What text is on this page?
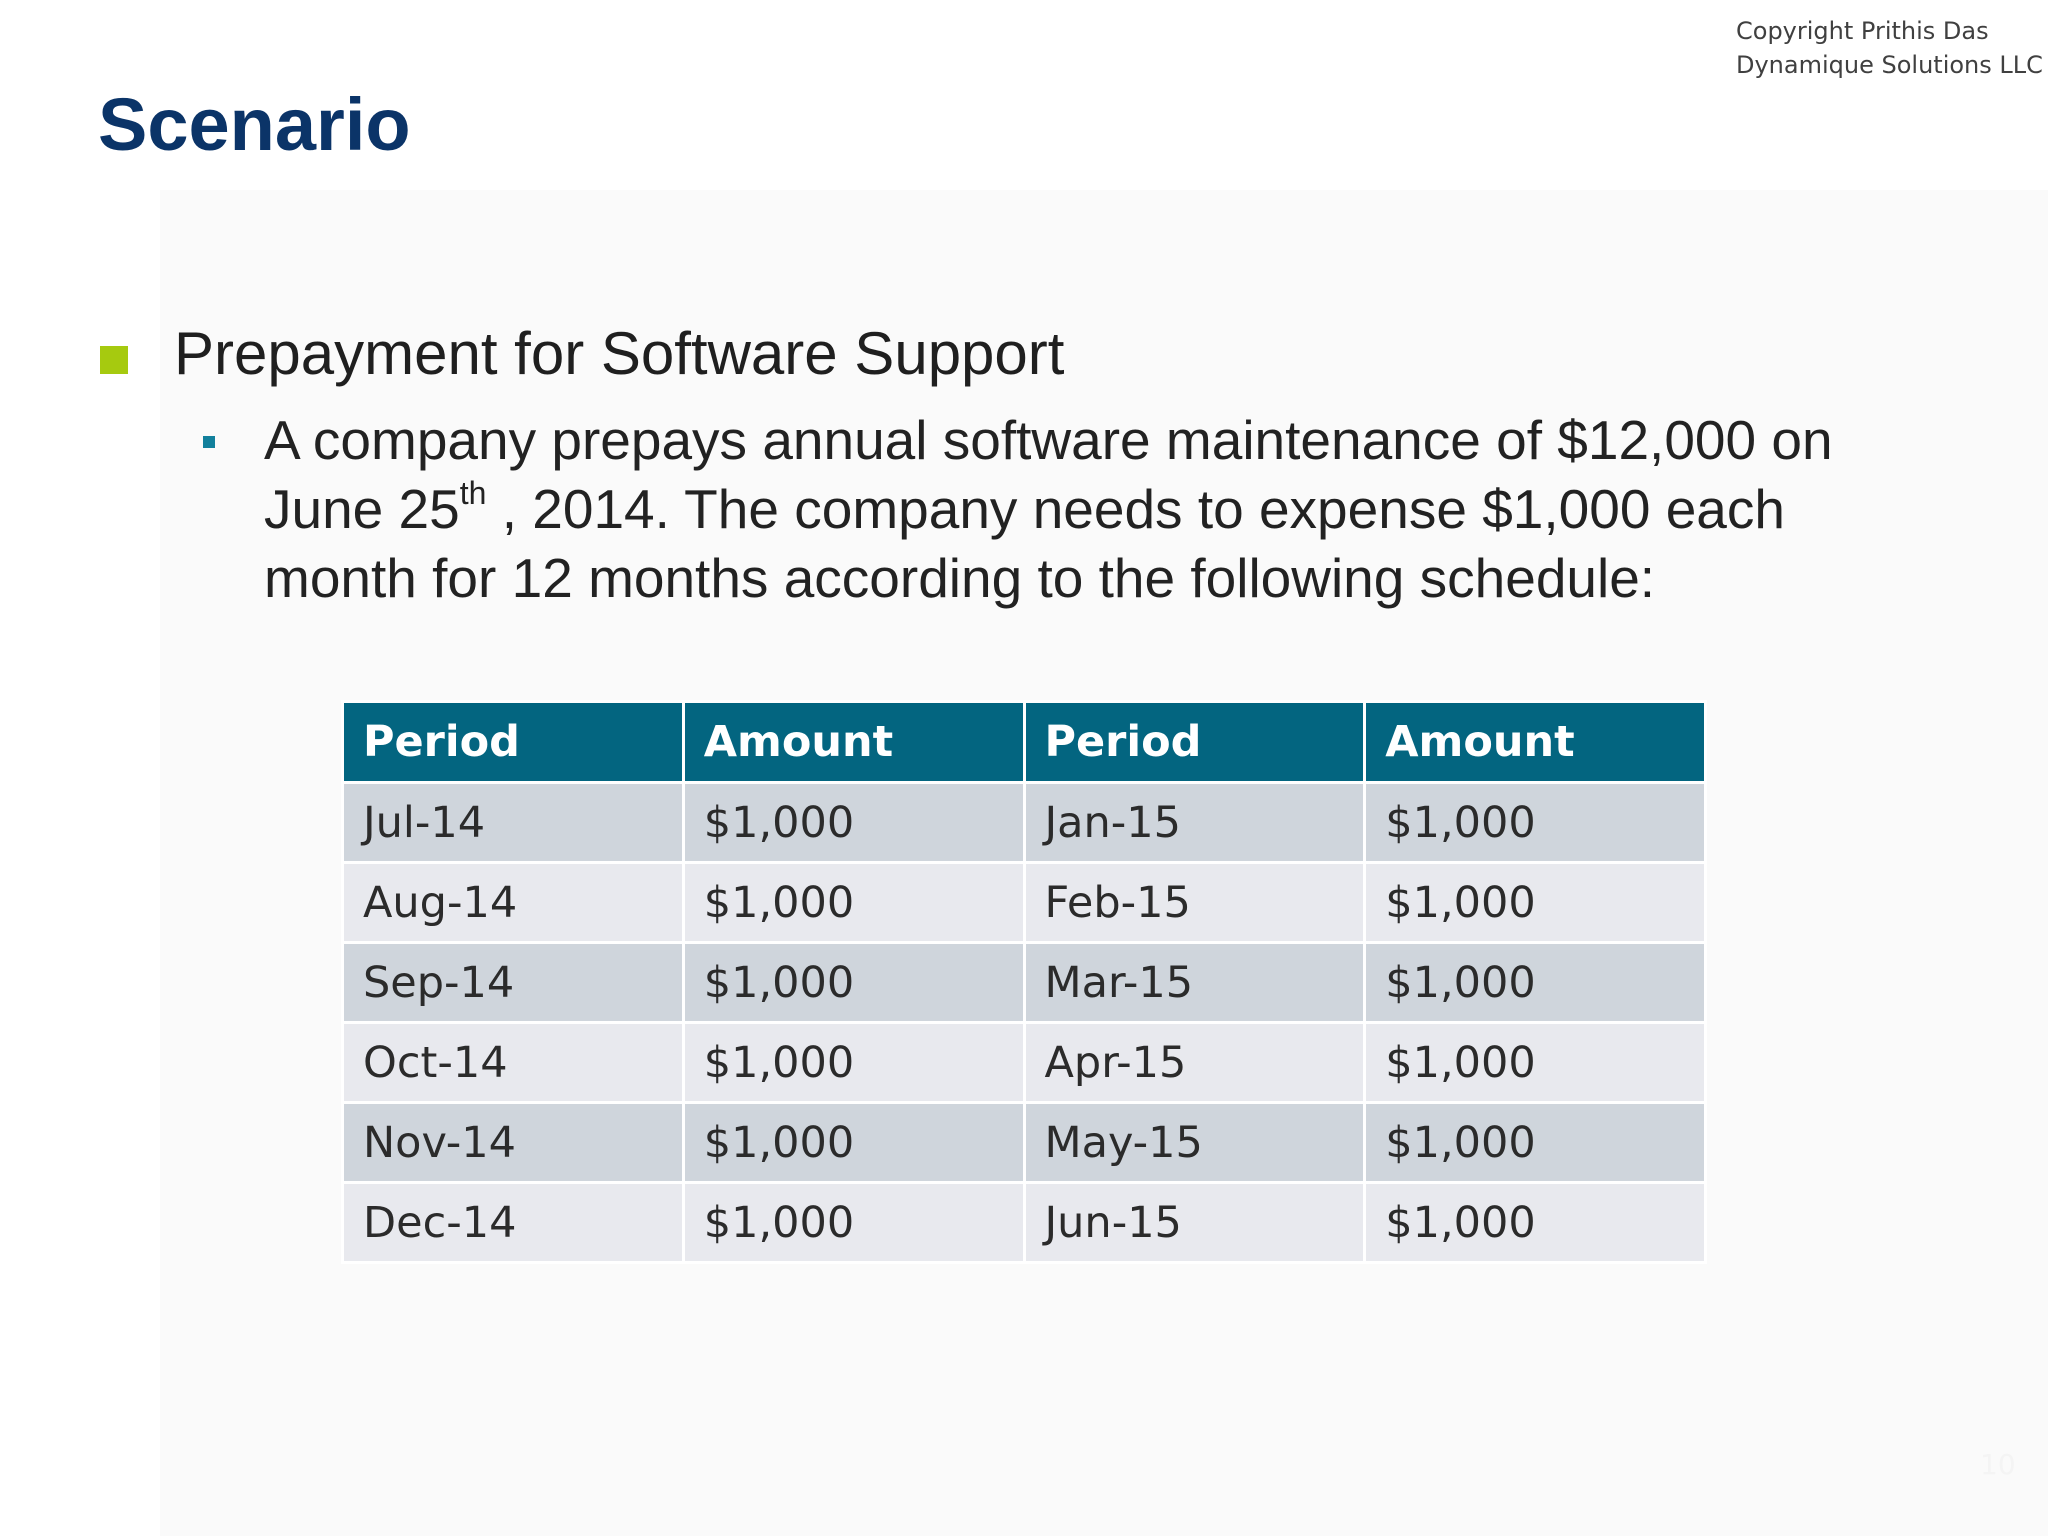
Copyright Prithis Das
Dynamique Solutions LLC
Scenario
Prepayment for Software Support
A company prepays annual software maintenance of $12,000 on
June 25th , 2014. The company needs to expense $1,000 each
month for 12 months according to the following schedule:
Period	Amount	Period	Amount
Jul-14	$1,000	Jan-15	$1,000
Aug-14	$1,000	Feb-15	$1,000
Sep-14	$1,000	Mar-15	$1,000
Oct-14	$1,000	Apr-15	$1,000
Nov-14	$1,000	May-15	$1,000
Dec-14	$1,000	Jun-15	$1,000
10
